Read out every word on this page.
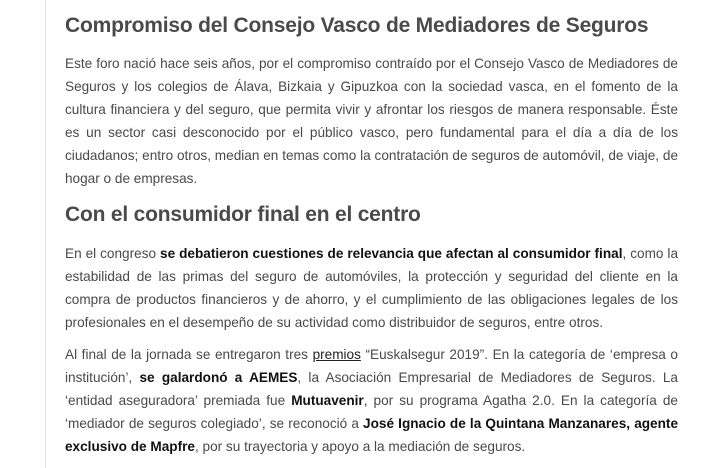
Compromiso del Consejo Vasco de Mediadores de Seguros

Este foro nació hace seis años, por el compromiso contraído por el Consejo Vasco de Mediadores de Seguros y los colegios de Álava, Bizkaia y Gipuzkoa con la sociedad vasca, en el fomento de la cultura financiera y del seguro, que permita vivir y afrontar los riesgos de manera responsable. Éste es un sector casi desconocido por el público vasco, pero fundamental para el día a día de los ciudadanos; entro otros, median en temas como la contratación de seguros de automóvil, de viaje, de hogar o de empresas.

Con el consumidor final en el centro

En el congreso se debatieron cuestiones de relevancia que afectan al consumidor final, como la estabilidad de las primas del seguro de automóviles, la protección y seguridad del cliente en la compra de productos financieros y de ahorro, y el cumplimiento de las obligaciones legales de los profesionales en el desempeño de su actividad como distribuidor de seguros, entre otros.

Al final de la jornada se entregaron tres premios “Euskalsegur 2019”. En la categoría de ‘empresa o institución’, se galardonó a AEMES, la Asociación Empresarial de Mediadores de Seguros. La ‘entidad aseguradora’ premiada fue Mutuavenir, por su programa Agatha 2.0. En la categoría de ‘mediador de seguros colegiado’, se reconoció a José Ignacio de la Quintana Manzanares, agente exclusivo de Mapfre, por su trayectoria y apoyo a la mediación de seguros.
